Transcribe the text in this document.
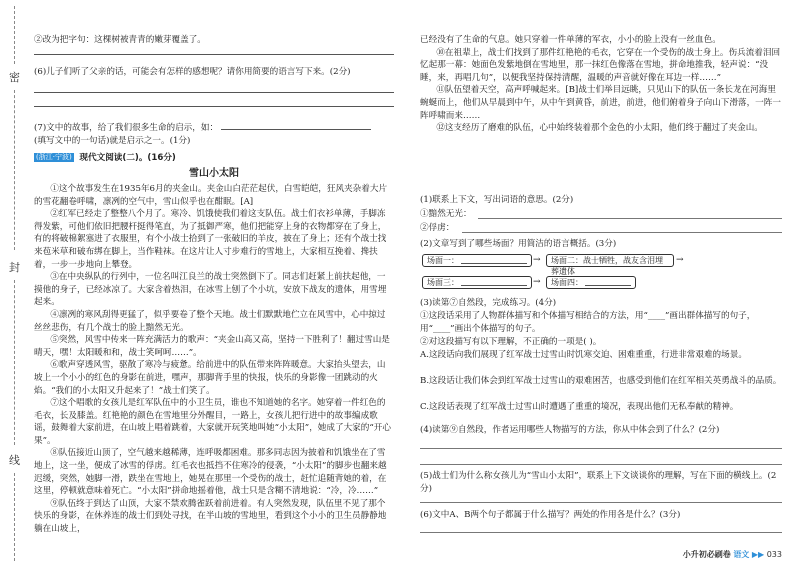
密
封
线

②改为把字句：这棵树被青青的嫩芽覆盖了。

(6)儿子们听了父亲的话，可能会有怎样的感想呢？请你用简要的语言写下来。(2分)

(7)文中的故事，给了我们很多生命的启示，如：

(填写文中的一句话)就是启示之一。(1分)

(浙江·宁波) 现代文阅读(二)。(16分)

雪山小太阳

①这个故事发生在1935年6月的夹金山。夹金山白茫茫起伏，白雪皑皑，狂风夹杂着大片的雪花翻卷呼啸，凛冽的空气中，雪山似乎也在酣眠。[A]

②红军已经走了整整八个月了。寒冷、饥饿使我们着这支队伍。战士们衣衫单薄，手脚冻得发紫，可他们依旧把腰杆挺得笔直，为了抵御严寒，他们把能穿上身的衣物都穿在了身上，有的将破棉絮塞进了衣服里，有个小战士拾到了一张破旧的羊皮，披在了身上；还有个战士找来苞米草和破布绑在脚上，当作鞋袜。在这片让人寸步难行的雪地上，大家相互挽着、搀扶着，一步一步地向上攀登。

③在中央纵队的行列中，一位名叫江良兰的战士突然倒下了。同志们赶紧上前扶起他，一摸他的身子，已经冰凉了。大家含着热泪，在冰雪上刨了个小坑，安放下战友的遗体，用雪埋起来。

④凛冽的寒风刮得更猛了，似乎要卷了整个天地。战士们默默地伫立在风雪中，心中掠过丝丝悲伤，有几个战士的脸上黯然无光。

⑤突然，风雪中传来一阵充满活力的歌声：“夹金山高又高，坚持一下胜利了！翻过雪山是晴天，嘿！太阳暖和和，战士笑呵呵……”。

⑥歌声穿透风雪，驱散了寒冷与疲惫。给前进中的队伍带来阵阵暖意。大家抬头望去，山坡上一个小小的红色的身影在前进，嘿声，那脚背手里的快报，快乐的身影像一团跳动的火焰。“我们的小太阳又升起来了！”战士们笑了。

⑦这个唱歌的女孩儿是红军队伍中的小卫生员，谁也不知道她的名字。她穿着一件红色的毛衣，长及膝盖。红艳艳的颜色在雪地里分外醒目，一路上，女孩儿把行进中的故事编成歌谣，鼓舞着大家前进，在山坡上唱着跳着，大家就开玩笑地叫她“小太阳”，她成了大家的“开心果”。

⑧队伍接近山顶了，空气越来越稀薄，连呼吸都困难。那多同志因为披着和饥饿坐在了雪地上，这一坐，便成了冰雪的俘虏。红毛衣也抵挡不住寒冷的侵袭，“小太阳”的脚步也翻来越迟缓，突然，她脚一滑，跌坐在雪地上，她晃在那里一个受伤的战士，赶忙追随背她的着，在这里，停顿就意味着死亡。“小太阳”拼命地摇着他，战士只是含糊不清地说：“冷，冷……”

⑨队伍终于到达了山顶，大家不禁欢腾雀跃着前进着。有人突然发现，队伍里不见了那个快乐的身影，在休养连的战士们到处寻找，在半山坡的雪地里，看到这个小小的卫生员静静地躺在山坡上，

已经没有了生命的气息。她只穿着一件单薄的军衣，小小的脸上没有一丝血色。

⑩在祖辈上，战士们找到了那件红艳艳的毛衣，它穿在一个受伤的战士身上。伤兵流着泪回忆起那一幕：她面色发紫地倒在雪地里，那一抹红色像落在雪地，拼命地推我，轻声说：“没睡，来，再唱几句”，以便我坚持保持清醒，温暖的声音就好像在耳边一样……”

⑪队伍望着天空，高声呼喊起来。[B]战士们举目远眺，只见山下的队伍一条长龙在河海里蜿蜒而上，他们从早晨到中午，从中午到黄昏，前进，前进，他们俯着身子向山下滑落，一阵一阵呼啸而来……

⑫这支经历了磨难的队伍，心中始终装着那个金色的小太阳，他们终于翻过了夹金山。

(1)联系上下文，写出词语的意思。(2分)

①黯然无光：
②俘虏：

(2)文章写到了哪些场面？用简洁的语言概括。(3分)

场面一：	→	场面二：战士牺牲，战友含泪埋葬遗体
→
场面三：	→	场面四：

(3)读第⑦自然段，完成练习。(4分)

①这段话采用了人物群体描写和个体描写相结合的方法，用“____”画出群体描写的句子，用“____”画出个体描写的句子。

②对这段描写有以下理解，不正确的一项是( )。

A.这段话向我们展现了红军战士过雪山时饥寒交迫、困难重重，行进非常艰难的场景。

B.这段话让我们体会到红军战士过雪山的艰难困苦，也感受到他们在红军相关英勇战斗的品质。

C.这段话表现了红军战士过雪山时遭遇了重重的境况，表现出他们无私奉献的精神。

(4)读第⑨自然段，作者运用哪些人物描写的方法，你从中体会到了什么？(2分)

(5)战士们为什么称女孩儿为“雪山小太阳”，联系上下文谈谈你的理解，写在下面的横线上。(2分)

(6)文中A、B两个句子都属于什么描写？两处的作用各是什么？(3分)

小升初必刷卷 语文 ▶▶ 033
